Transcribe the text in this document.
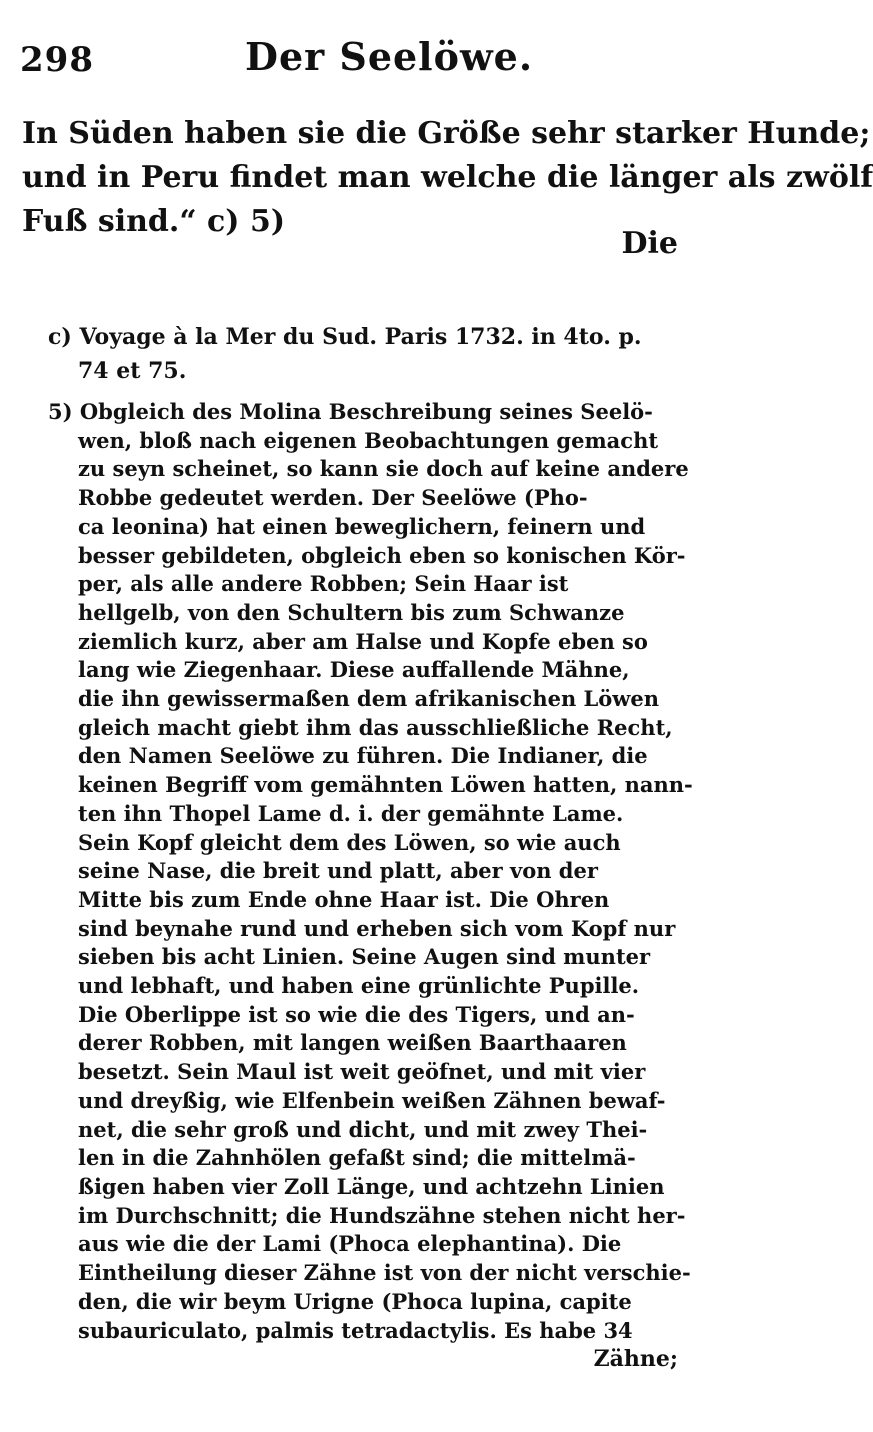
298	Der Seelöwe.
In Süden haben sie die Größe sehr starker Hunde;
und in Peru findet man welche die länger als zwölf
Fuß sind.“ c) 5)
Die
c) Voyage à la Mer du Sud. Paris 1732. in 4to. p.
74 et 75.
5) Obgleich des Molina Beschreibung seines Seelö-
wen, bloß nach eigenen Beobachtungen gemacht
zu seyn scheinet, so kann sie doch auf keine andere
Robbe gedeutet werden. Der Seelöwe (Pho-
ca leonina) hat einen beweglichern, feinern und
besser gebildeten, obgleich eben so konischen Kör-
per, als alle andere Robben; Sein Haar ist
hellgelb, von den Schultern bis zum Schwanze
ziemlich kurz, aber am Halse und Kopfe eben so
lang wie Ziegenhaar. Diese auffallende Mähne,
die ihn gewissermaßen dem afrikanischen Löwen
gleich macht giebt ihm das ausschließliche Recht,
den Namen Seelöwe zu führen. Die Indianer, die
keinen Begriff vom gemähnten Löwen hatten, nann-
ten ihn Thopel Lame d. i. der gemähnte Lame.
Sein Kopf gleicht dem des Löwen, so wie auch
seine Nase, die breit und platt, aber von der
Mitte bis zum Ende ohne Haar ist. Die Ohren
sind beynahe rund und erheben sich vom Kopf nur
sieben bis acht Linien. Seine Augen sind munter
und lebhaft, und haben eine grünlichte Pupille.
Die Oberlippe ist so wie die des Tigers, und an-
derer Robben, mit langen weißen Baarthaaren
besetzt. Sein Maul ist weit geöfnet, und mit vier
und dreyßig, wie Elfenbein weißen Zähnen bewaf-
net, die sehr groß und dicht, und mit zwey Thei-
len in die Zahnhölen gefaßt sind; die mittelmä-
ßigen haben vier Zoll Länge, und achtzehn Linien
im Durchschnitt; die Hundszähne stehen nicht her-
aus wie die der Lami (Phoca elephantina). Die
Eintheilung dieser Zähne ist von der nicht verschie-
den, die wir beym Urigne (Phoca lupina, capite
subauriculato, palmis tetradactylis. Es habe 34
Zähne;
